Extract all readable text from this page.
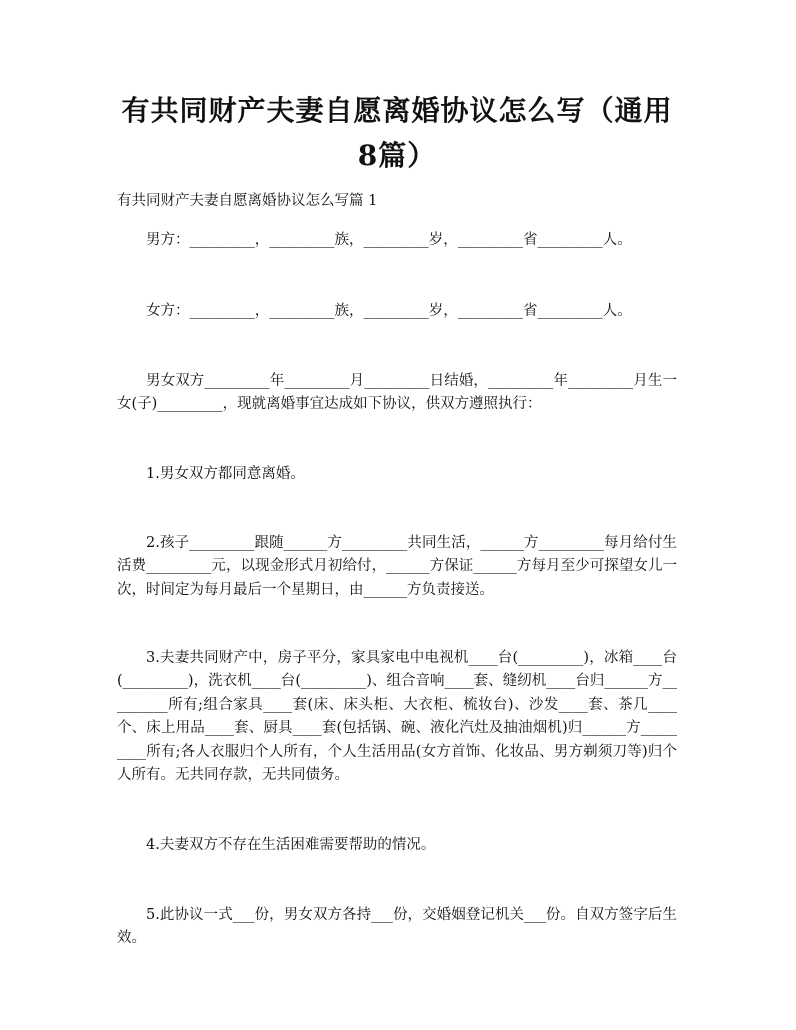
有共同财产夫妻自愿离婚协议怎么写（通用8篇）
有共同财产夫妻自愿离婚协议怎么写篇 1

男方：_________，_________族，_________岁，_________省_________人。

女方：_________，_________族，_________岁，_________省_________人。

男女双方_________年_________月_________日结婚，_________年_________月生一女(子)_________，现就离婚事宜达成如下协议，供双方遵照执行：

1.男女双方都同意离婚。

2.孩子_________跟随______方_________共同生活，______方_________每月给付生活费_________元，以现金形式月初给付，______方保证______方每月至少可探望女儿一次，时间定为每月最后一个星期日，由______方负责接送。

3.夫妻共同财产中，房子平分，家具家电中电视机____台(_________)，冰箱____台(_________)，洗衣机____台(_________)、组合音响____套、缝纫机____台归______方_________所有;组合家具____套(床、床头柜、大衣柜、梳妆台)、沙发____套、茶几____个、床上用品____套、厨具____套(包括锅、碗、液化汽灶及抽油烟机)归______方_________所有;各人衣服归个人所有，个人生活用品(女方首饰、化妆品、男方剃须刀等)归个人所有。无共同存款，无共同债务。

4.夫妻双方不存在生活困难需要帮助的情况。

5.此协议一式___份，男女双方各持___份，交婚姻登记机关___份。自双方签字后生效。
